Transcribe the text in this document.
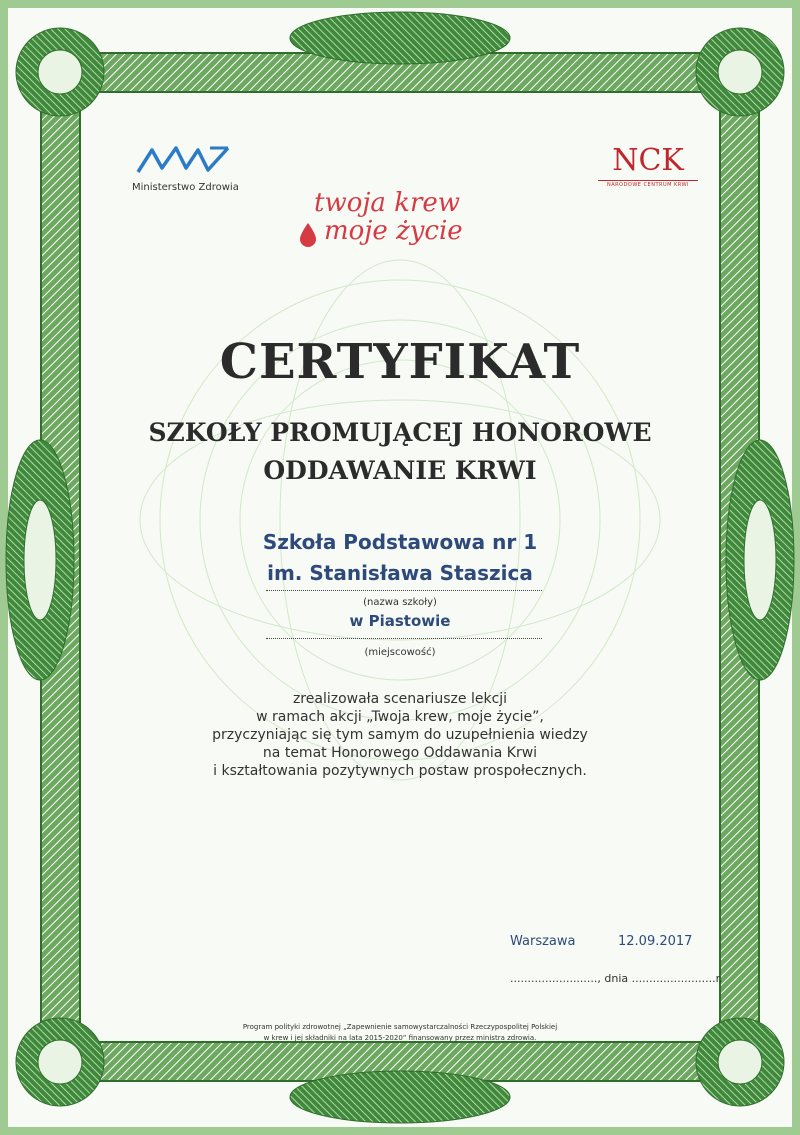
Ministerstwo Zdrowia
NCK
NARODOWE CENTRUM KRWI
twoja krew
moje życie
CERTYFIKAT
SZKOŁY PROMUJĄCEJ HONOROWE
ODDAWANIE KRWI
Szkoła Podstawowa nr 1
im. Stanisława Staszica
(nazwa szkoły)
w Piastowie
(miejscowość)
zrealizowała scenariusze lekcji
w ramach akcji „Twoja krew, moje życie”,
przyczyniając się tym samym do uzupełnienia wiedzy
na temat Honorowego Oddawania Krwi
i kształtowania pozytywnych postaw prospołecznych.
Warszawa	12.09.2017
........................., dnia ........................r.
Program polityki zdrowotnej „Zapewnienie samowystarczalności Rzeczypospolitej Polskiej
w krew i jej składniki na lata 2015-2020” finansowany przez ministra zdrowia.
